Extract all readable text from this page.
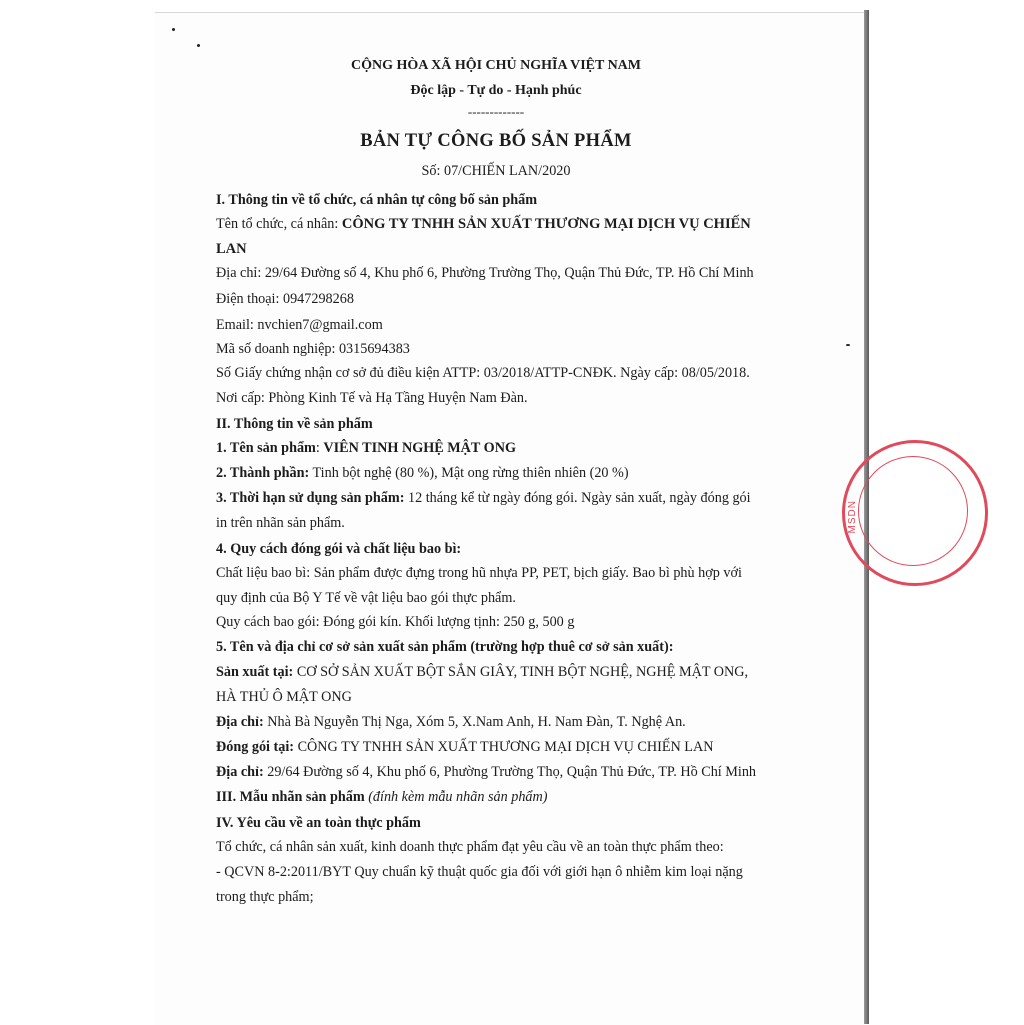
MSDN
CỘNG HÒA XÃ HỘI CHỦ NGHĨA VIỆT NAM
Độc lập - Tự do - Hạnh phúc
-------------
BẢN TỰ CÔNG BỐ SẢN PHẨM
Số: 07/CHIẾN LAN/2020
I. Thông tin về tổ chức, cá nhân tự công bố sản phẩm
Tên tổ chức, cá nhân: CÔNG TY TNHH SẢN XUẤT THƯƠNG MẠI DỊCH VỤ CHIẾN
LAN
Địa chỉ: 29/64 Đường số 4, Khu phố 6, Phường Trường Thọ, Quận Thủ Đức, TP. Hồ Chí Minh
Điện thoại: 0947298268
Email: nvchien7@gmail.com
Mã số doanh nghiệp: 0315694383
Số Giấy chứng nhận cơ sở đủ điều kiện ATTP: 03/2018/ATTP-CNĐK. Ngày cấp: 08/05/2018.
Nơi cấp: Phòng Kinh Tế và Hạ Tầng Huyện Nam Đàn.
II. Thông tin về sản phẩm
1. Tên sản phẩm: VIÊN TINH NGHỆ MẬT ONG
2. Thành phần: Tinh bột nghệ (80 %), Mật ong rừng thiên nhiên (20 %)
3. Thời hạn sử dụng sản phẩm: 12 tháng kể từ ngày đóng gói. Ngày sản xuất, ngày đóng gói
in trên nhãn sản phẩm.
4. Quy cách đóng gói và chất liệu bao bì:
Chất liệu bao bì: Sản phẩm được đựng trong hũ nhựa PP, PET, bịch giấy. Bao bì phù hợp với
quy định của Bộ Y Tế về vật liệu bao gói thực phẩm.
Quy cách bao gói: Đóng gói kín. Khối lượng tịnh: 250 g, 500 g
5. Tên và địa chỉ cơ sở sản xuất sản phẩm (trường hợp thuê cơ sở sản xuất):
Sản xuất tại: CƠ SỞ SẢN XUẤT BỘT SẮN GIÂY, TINH BỘT NGHỆ, NGHỆ MẬT ONG,
HÀ THỦ Ô MẬT ONG
Địa chỉ: Nhà Bà Nguyễn Thị Nga, Xóm 5, X.Nam Anh, H. Nam Đàn, T. Nghệ An.
Đóng gói tại: CÔNG TY TNHH SẢN XUẤT THƯƠNG MẠI DỊCH VỤ CHIẾN LAN
Địa chỉ: 29/64 Đường số 4, Khu phố 6, Phường Trường Thọ, Quận Thủ Đức, TP. Hồ Chí Minh
III. Mẫu nhãn sản phẩm (đính kèm mẫu nhãn sản phẩm)
IV. Yêu cầu về an toàn thực phẩm
Tổ chức, cá nhân sản xuất, kinh doanh thực phẩm đạt yêu cầu về an toàn thực phẩm theo:
- QCVN 8-2:2011/BYT Quy chuẩn kỹ thuật quốc gia đối với giới hạn ô nhiễm kim loại nặng
trong thực phẩm;
